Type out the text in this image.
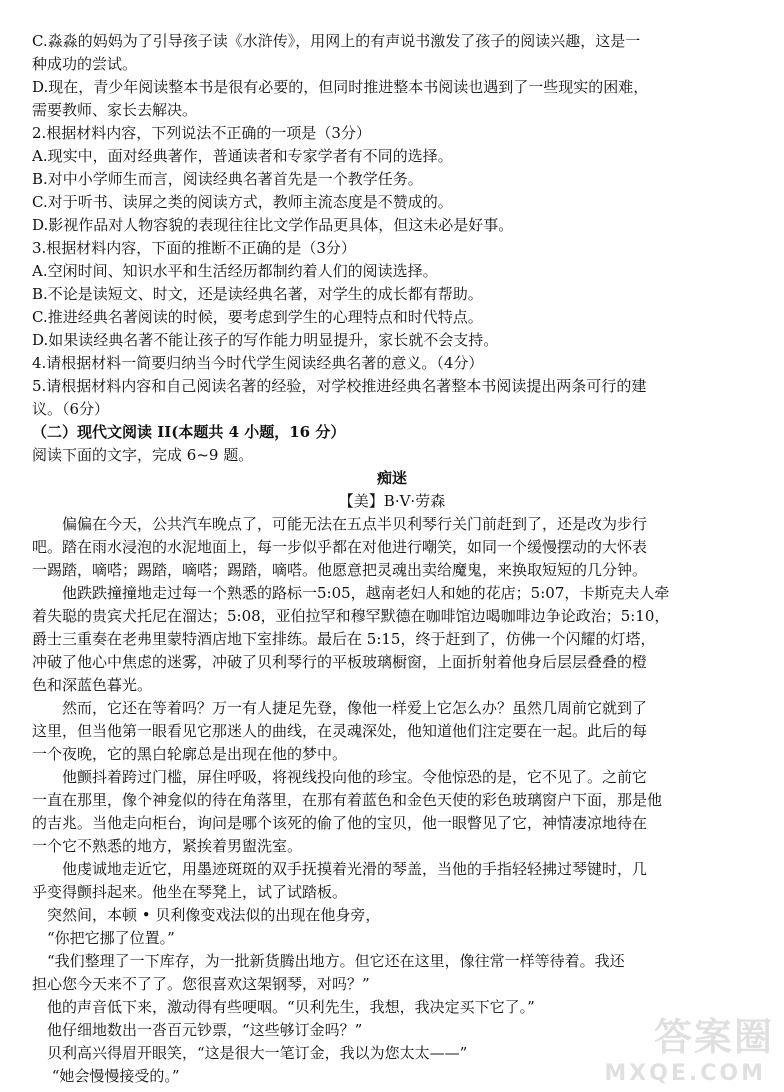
C.淼淼的妈妈为了引导孩子读《水浒传》，用网上的有声说书激发了孩子的阅读兴趣，这是一
种成功的尝试。
D.现在，青少年阅读整本书是很有必要的，但同时推进整本书阅读也遇到了一些现实的困难，
需要教师、家长去解决。
2.根据材料内容，下列说法不正确的一项是（3分）
A.现实中，面对经典著作，普通读者和专家学者有不同的选择。
B.对中小学师生而言，阅读经典名著首先是一个教学任务。
C.对于听书、读屏之类的阅读方式，教师主流态度是不赞成的。
D.影视作品对人物容貌的表现往往比文学作品更具体，但这未必是好事。
3.根据材料内容，下面的推断不正确的是（3分）
A.空闲时间、知识水平和生活经历都制约着人们的阅读选择。
B.不论是读短文、时文，还是读经典名著，对学生的成长都有帮助。
C.推进经典名著阅读的时候，要考虑到学生的心理特点和时代特点。
D.如果读经典名著不能让孩子的写作能力明显提升，家长就不会支持。
4.请根据材料一简要归纳当今时代学生阅读经典名著的意义。（4分）
5.请根据材料内容和自己阅读名著的经验，对学校推进经典名著整本书阅读提出两条可行的建
议。（6分）
（二）现代文阅读 II(本题共 4 小题，16 分）
阅读下面的文字，完成 6~9 题。
痴迷
【美】B·V·劳森
　　偏偏在今天，公共汽车晚点了，可能无法在五点半贝利琴行关门前赶到了，还是改为步行
吧。踏在雨水浸泡的水泥地面上，每一步似乎都在对他进行嘲笑，如同一个缓慢摆动的大怀表
一踢踏，嘀嗒；踢踏，嘀嗒；踢踏，嘀嗒。他愿意把灵魂出卖给魔鬼，来换取短短的几分钟。
　　他跌跌撞撞地走过每一个熟悉的路标一5:05，越南老妇人和她的花店；5:07，卡斯克夫人牵
着失聪的贵宾犬托尼在溜达；5:08，亚伯拉罕和穆罕默德在咖啡馆边喝咖啡边争论政治；5:10，
爵士三重奏在老弗里蒙特酒店地下室排练。最后在 5:15，终于赶到了，仿佛一个闪耀的灯塔，
冲破了他心中焦虑的迷雾，冲破了贝利琴行的平板玻璃橱窗，上面折射着他身后层层叠叠的橙
色和深蓝色暮光。
　　然而，它还在等着吗？万一有人捷足先登，像他一样爱上它怎么办？虽然几周前它就到了
这里，但当他第一眼看见它那迷人的曲线，在灵魂深处，他知道他们注定要在一起。此后的每
一个夜晚，它的黑白轮廓总是出现在他的梦中。
　　他颤抖着跨过门槛，屏住呼吸，将视线投向他的珍宝。令他惊恐的是，它不见了。之前它
一直在那里，像个神龛似的待在角落里，在那有着蓝色和金色天使的彩色玻璃窗户下面，那是他
的吉兆。当他走向柜台，询问是哪个该死的偷了他的宝贝，他一眼瞥见了它，神情凄凉地待在
一个它不熟悉的地方，紧挨着男盥洗室。
　　他虔诚地走近它，用墨迹斑斑的双手抚摸着光滑的琴盖，当他的手指轻轻拂过琴键时，几
乎变得颤抖起来。他坐在琴凳上，试了试踏板。
　突然间，本顿 • 贝利像变戏法似的出现在他身旁，
　“你把它挪了位置。”
　“我们整理了一下库存，为一批新货腾出地方。但它还在这里，像往常一样等待着。我还
担心您今天来不了了。您很喜欢这架钢琴，对吗？”
　他的声音低下来，激动得有些哽咽。“贝利先生，我想，我决定买下它了。”
　他仔细地数出一沓百元钞票，“这些够订金吗？”
　贝利高兴得眉开眼笑，“这是很大一笔订金，我以为您太太——”
　 “她会慢慢接受的。”
答案圈
MXQE.COM
